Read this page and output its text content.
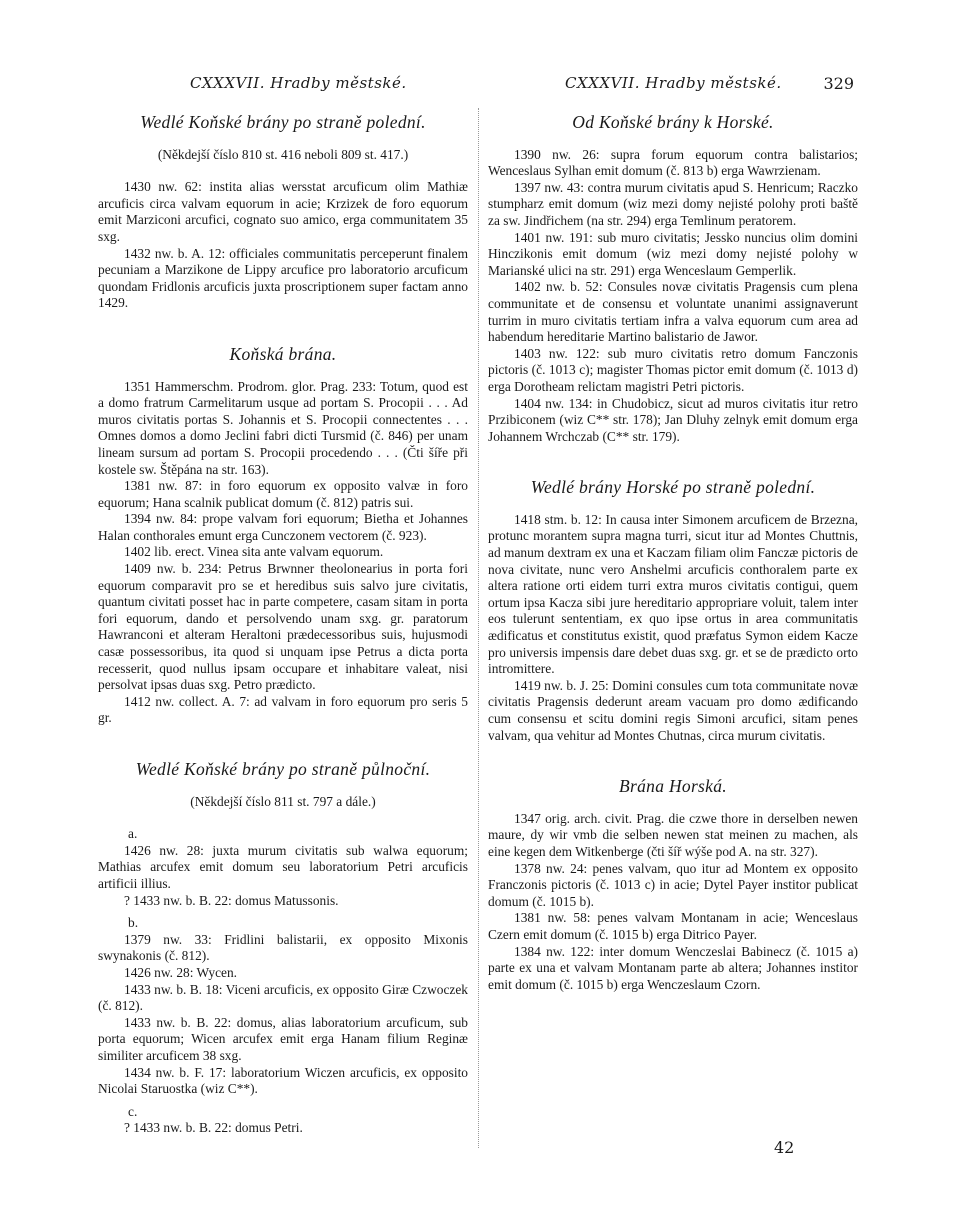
CXXXVII. Hradby městské.	CXXXVII. Hradby městské.	329
Wedlé Koňské brány po straně polední.
(Někdejší číslo 810 st. 416 neboli 809 st. 417.)

1430 nw. 62: instita alias wersstat arcuficum olim Mathiæ arcuficis circa valvam equorum in acie; Krzizek de foro equorum emit Marziconi arcufici, cognato suo amico, erga communitatem 35 sxg.

1432 nw. b. A. 12: officiales communitatis perceperunt finalem pecuniam a Marzikone de Lippy arcufice pro laboratorio arcuficum quondam Fridlonis arcuficis juxta proscriptionem super factam anno 1429.

Koňská brána.

1351 Hammerschm. Prodrom. glor. Prag. 233: Totum, quod est a domo fratrum Carmelitarum usque ad portam S. Procopii . . . Ad muros civitatis portas S. Johannis et S. Procopii connectentes . . . Omnes domos a domo Jeclini fabri dicti Tursmid (č. 846) per unam lineam sursum ad portam S. Procopii procedendo . . . (Čti šíře při kostele sw. Štěpána na str. 163).

1381 nw. 87: in foro equorum ex opposito valvæ in foro equorum; Hana scalnik publicat domum (č. 812) patris sui.

1394 nw. 84: prope valvam fori equorum; Bietha et Johannes Halan conthorales emunt erga Cunczonem vectorem (č. 923).

1402 lib. erect. Vinea sita ante valvam equorum.

1409 nw. b. 234: Petrus Brwnner theolonearius in porta fori equorum comparavit pro se et heredibus suis salvo jure civitatis, quantum civitati posset hac in parte competere, casam sitam in porta fori equorum, dando et persolvendo unam sxg. gr. paratorum Hawranconi et alteram Heraltoni prædecessoribus suis, hujusmodi casæ possessoribus, ita quod si unquam ipse Petrus a dicta porta recesserit, quod nullus ipsam occupare et inhabitare valeat, nisi persolvat ipsas duas sxg. Petro prædicto.

1412 nw. collect. A. 7: ad valvam in foro equorum pro seris 5 gr.

Wedlé Koňské brány po straně půlnoční.
(Někdejší číslo 811 st. 797 a dále.)
a.

1426 nw. 28: juxta murum civitatis sub walwa equorum; Mathias arcufex emit domum seu laboratorium Petri arcuficis artificii illius.

? 1433 nw. b. B. 22: domus Matussonis.

b.

1379 nw. 33: Fridlini balistarii, ex opposito Mixonis swynakonis (č. 812).

1426 nw. 28: Wycen.

1433 nw. b. B. 18: Viceni arcuficis, ex opposito Giræ Czwoczek (č. 812).

1433 nw. b. B. 22: domus, alias laboratorium arcuficum, sub porta equorum; Wicen arcufex emit erga Hanam filium Reginæ similiter arcuficem 38 sxg.

1434 nw. b. F. 17: laboratorium Wiczen arcuficis, ex opposito Nicolai Staruostka (wiz C**).

c.

? 1433 nw. b. B. 22: domus Petri.

Od Koňské brány k Horské.

1390 nw. 26: supra forum equorum contra balistarios; Wenceslaus Sylhan emit domum (č. 813 b) erga Wawrzienam.

1397 nw. 43: contra murum civitatis apud S. Henricum; Raczko stumpharz emit domum (wiz mezi domy nejisté polohy proti baště za sw. Jindřichem (na str. 294) erga Temlinum peratorem.

1401 nw. 191: sub muro civitatis; Jessko nuncius olim domini Hinczikonis emit domum (wiz mezi domy nejisté polohy w Marianské ulici na str. 291) erga Wenceslaum Gemperlik.

1402 nw. b. 52: Consules novæ civitatis Pragensis cum plena communitate et de consensu et voluntate unanimi assignaverunt turrim in muro civitatis tertiam infra a valva equorum cum area ad habendum hereditarie Martino balistario de Jawor.

1403 nw. 122: sub muro civitatis retro domum Fanczonis pictoris (č. 1013 c); magister Thomas pictor emit domum (č. 1013 d) erga Dorotheam relictam magistri Petri pictoris.

1404 nw. 134: in Chudobicz, sicut ad muros civitatis itur retro Przibiconem (wiz C** str. 178); Jan Dluhy zelnyk emit domum erga Johannem Wrchczab (C** str. 179).

Wedlé brány Horské po straně polední.

1418 stm. b. 12: In causa inter Simonem arcuficem de Brzezna, protunc morantem supra magna turri, sicut itur ad Montes Chuttnis, ad manum dextram ex una et Kaczam filiam olim Fanczæ pictoris de nova civitate, nunc vero Anshelmi arcuficis conthoralem parte ex altera ratione orti eidem turri extra muros civitatis contigui, quem ortum ipsa Kacza sibi jure hereditario appropriare voluit, talem inter eos tulerunt sententiam, ex quo ipse ortus in area communitatis ædificatus et constitutus existit, quod præfatus Symon eidem Kacze pro universis impensis dare debet duas sxg. gr. et se de prædicto orto intromittere.

1419 nw. b. J. 25: Domini consules cum tota communitate novæ civitatis Pragensis dederunt aream vacuam pro domo ædificando cum consensu et scitu domini regis Simoni arcufici, sitam penes valvam, qua vehitur ad Montes Chutnas, circa murum civitatis.

Brána Horská.

1347 orig. arch. civit. Prag. die czwe thore in derselben newen maure, dy wir vmb die selben newen stat meinen zu machen, als eine kegen dem Witkenberge (čti šíř wýše pod A. na str. 327).

1378 nw. 24: penes valvam, quo itur ad Montem ex opposito Franczonis pictoris (č. 1013 c) in acie; Dytel Payer institor publicat domum (č. 1015 b).

1381 nw. 58: penes valvam Montanam in acie; Wenceslaus Czern emit domum (č. 1015 b) erga Ditrico Payer.

1384 nw. 122: inter domum Wenczeslai Babinecz (č. 1015 a) parte ex una et valvam Montanam parte ab altera; Johannes institor emit domum (č. 1015 b) erga Wenczeslaum Czorn.

42
